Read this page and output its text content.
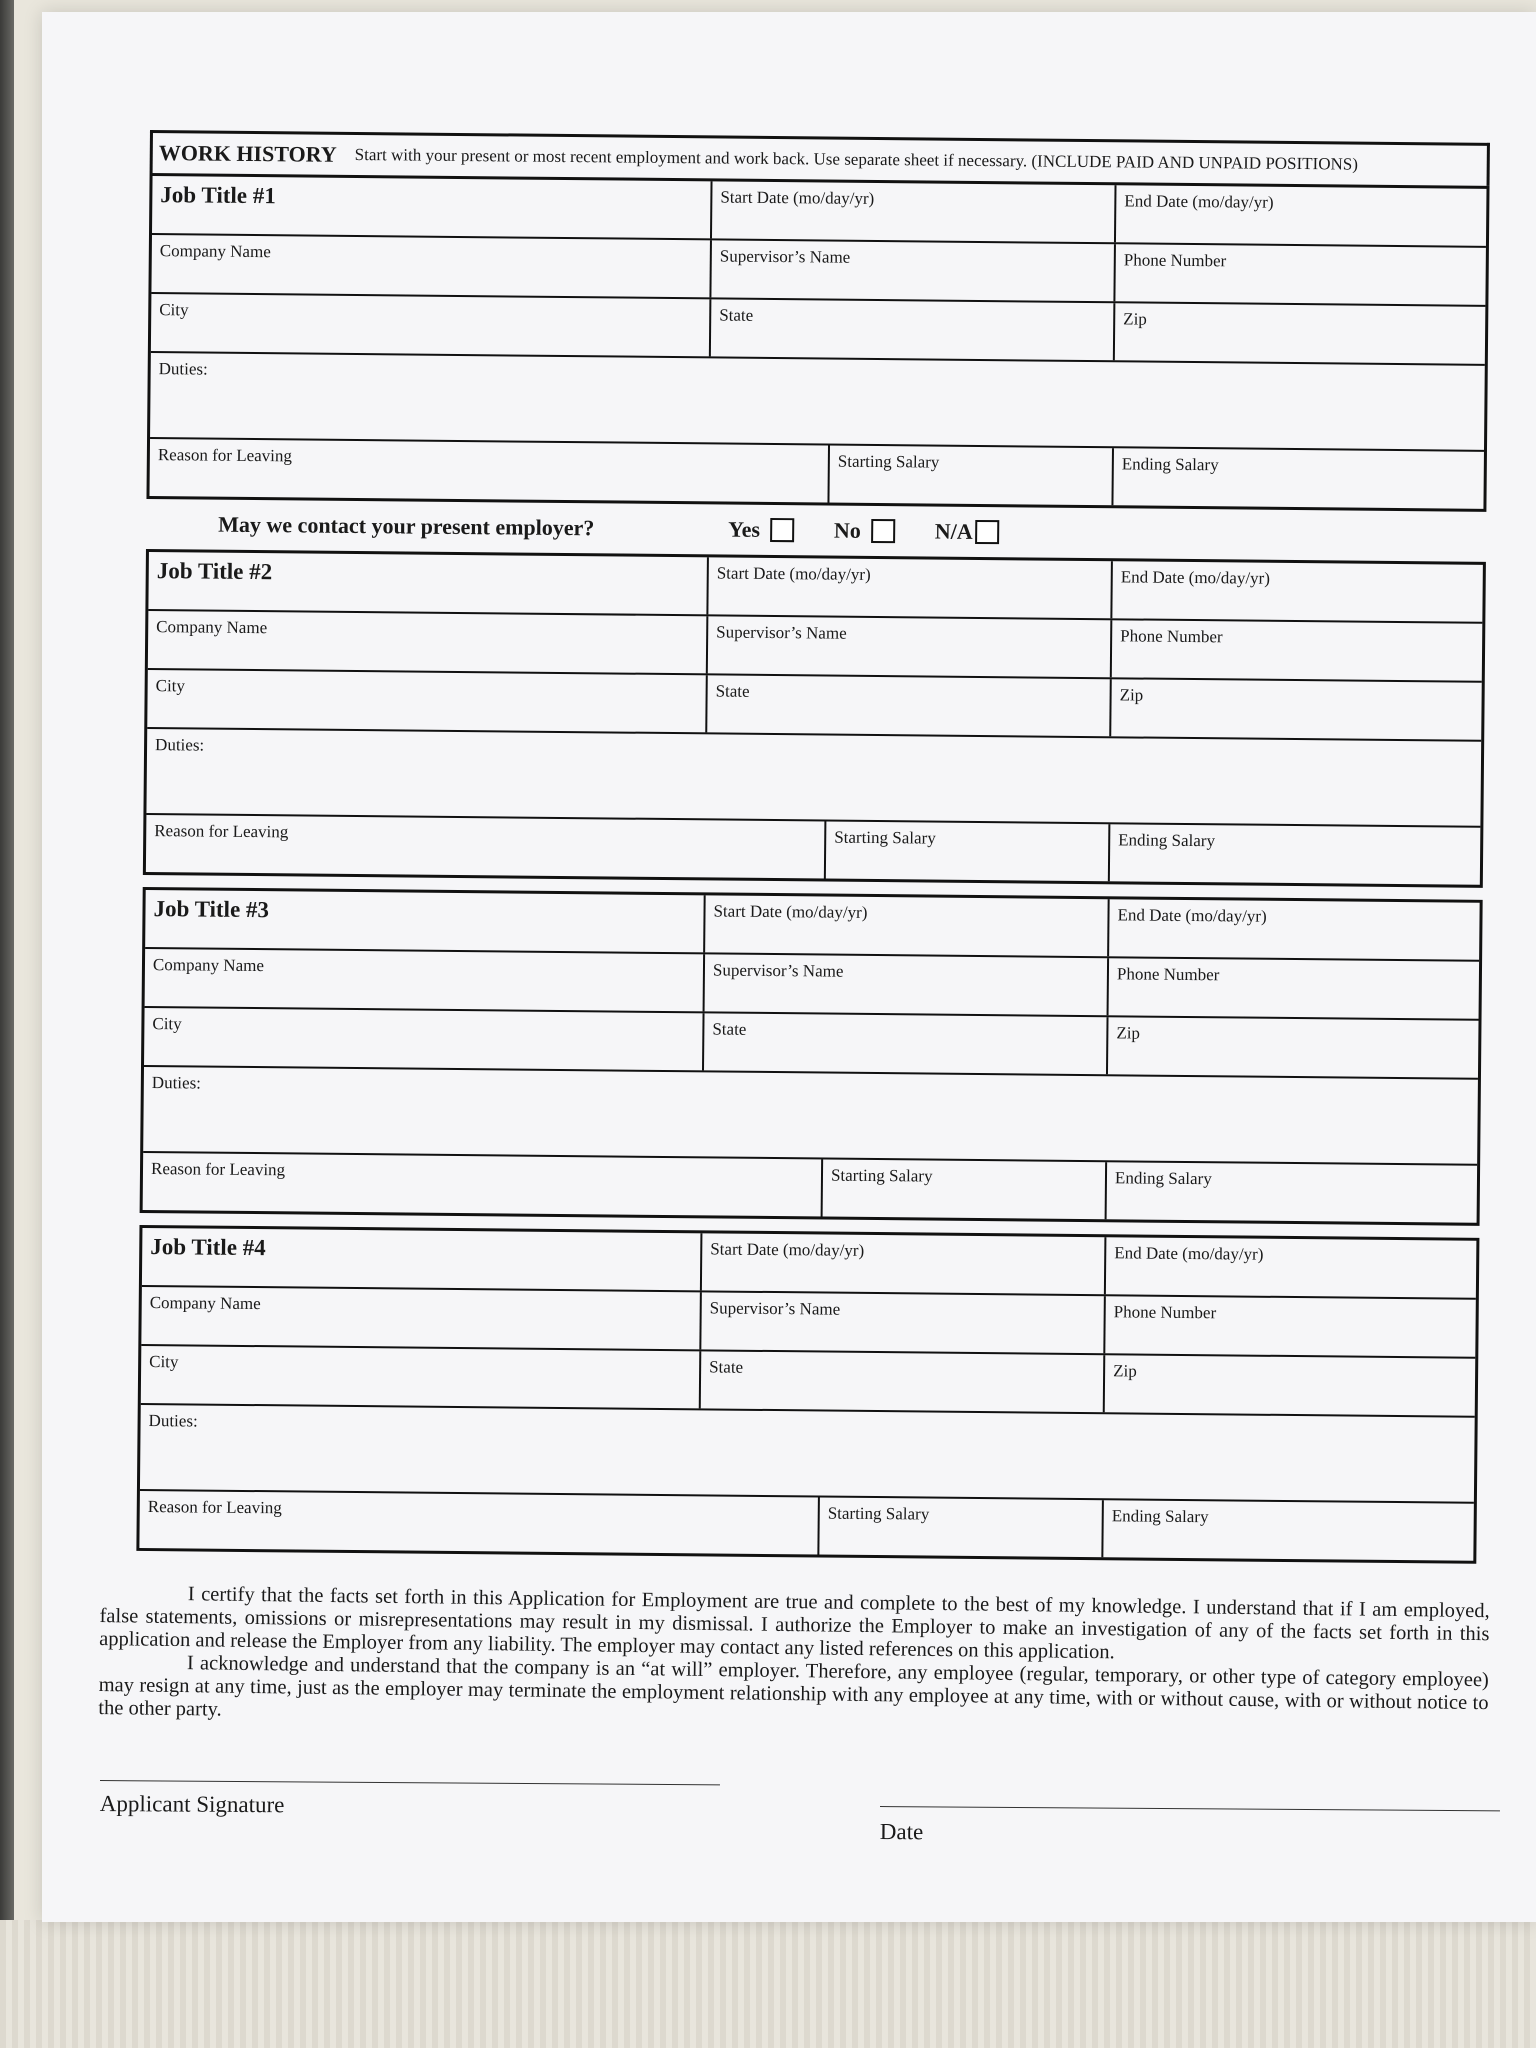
WORK HISTORY Start with your present or most recent employment and work back. Use separate sheet if necessary. (INCLUDE PAID AND UNPAID POSITIONS)
Job Title #1	Start Date (mo/day/yr)	End Date (mo/day/yr)
Company Name	Supervisor’s Name	Phone Number
City	State	Zip
Duties:
Reason for Leaving	Starting Salary	Ending Salary
May we contact your present employer?	Yes	No	N/A
Job Title #2	Start Date (mo/day/yr)	End Date (mo/day/yr)
Company Name	Supervisor’s Name	Phone Number
City	State	Zip
Duties:
Reason for Leaving	Starting Salary	Ending Salary
Job Title #3	Start Date (mo/day/yr)	End Date (mo/day/yr)
Company Name	Supervisor’s Name	Phone Number
City	State	Zip
Duties:
Reason for Leaving	Starting Salary	Ending Salary
Job Title #4	Start Date (mo/day/yr)	End Date (mo/day/yr)
Company Name	Supervisor’s Name	Phone Number
City	State	Zip
Duties:
Reason for Leaving	Starting Salary	Ending Salary

I certify that the facts set forth in this Application for Employment are true and complete to the best of my knowledge. I understand that if I am employed, false statements, omissions or misrepresentations may result in my dismissal. I authorize the Employer to make an investigation of any of the facts set forth in this application and release the Employer from any liability. The employer may contact any listed references on this application.

I acknowledge and understand that the company is an “at will” employer. Therefore, any employee (regular, temporary, or other type of category employee) may resign at any time, just as the employer may terminate the employment relationship with any employee at any time, with or without cause, with or without notice to the other party.

Applicant Signature
Date
